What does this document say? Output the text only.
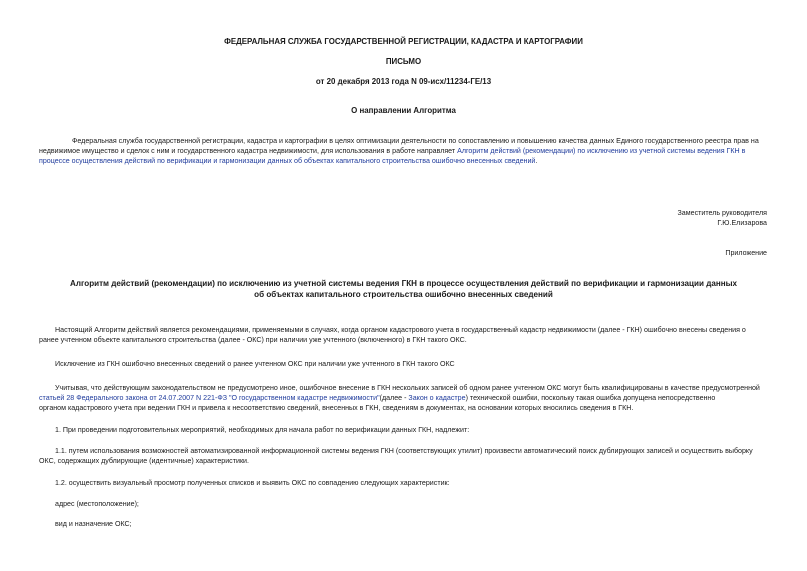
ФЕДЕРАЛЬНАЯ СЛУЖБА ГОСУДАРСТВЕННОЙ РЕГИСТРАЦИИ, КАДАСТРА И КАРТОГРАФИИ
ПИСЬМО
от 20 декабря 2013 года N 09-исх/11234-ГЕ/13
О направлении Алгоритма
Федеральная служба государственной регистрации, кадастра и картографии в целях оптимизации деятельности по сопоставлению и повышению качества данных Единого государственного реестра прав на
недвижимое имущество и сделок с ним и государственного кадастра недвижимости, для использования в работе направляет Алгоритм действий (рекомендации) по исключению из учетной системы ведения ГКН в
процессе осуществления действий по верификации и гармонизации данных об объектах капитального строительства ошибочно внесенных сведений.
Заместитель руководителя
Г.Ю.Елизарова
Приложение
Алгоритм действий (рекомендации) по исключению из учетной системы ведения ГКН в процессе осуществления действий по верификации и гармонизации данных
об объектах капитального строительства ошибочно внесенных сведений
Настоящий Алгоритм действий является рекомендациями, применяемыми в случаях, когда органом кадастрового учета в государственный кадастр недвижимости (далее - ГКН) ошибочно внесены сведения о
ранее учтенном объекте капитального строительства (далее - ОКС) при наличии уже учтенного (включенного) в ГКН такого ОКС.
Исключение из ГКН ошибочно внесенных сведений о ранее учтенном ОКС при наличии уже учтенного в ГКН такого ОКС
Учитывая, что действующим законодательством не предусмотрено иное, ошибочное внесение в ГКН нескольких записей об одном ранее учтенном ОКС могут быть квалифицированы в качестве предусмотренной
статьей 28 Федерального закона от 24.07.2007 N 221-ФЗ "О государственном кадастре недвижимости"(далее - Закон о кадастре) технической ошибки, поскольку такая ошибка допущена непосредственно
органом кадастрового учета при ведении ГКН и привела к несоответствию сведений, внесенных в ГКН, сведениям в документах, на основании которых вносились сведения в ГКН.
1. При проведении подготовительных мероприятий, необходимых для начала работ по верификации данных ГКН, надлежит:
1.1. путем использования возможностей автоматизированной информационной системы ведения ГКН (соответствующих утилит) произвести автоматический поиск дублирующих записей и осуществить выборку
ОКС, содержащих дублирующие (идентичные) характеристики.
1.2. осуществить визуальный просмотр полученных списков и выявить ОКС по совпадению следующих характеристик:
адрес (местоположение);
вид и назначение ОКС;
